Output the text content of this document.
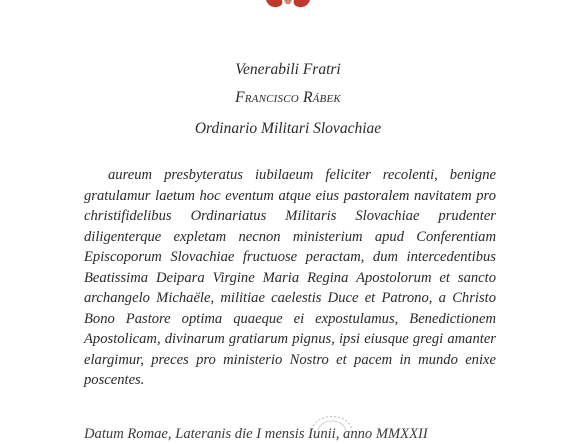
Venerabili Fratri
Francisco Rábek
Ordinario Militari Slovachiae

aureum presbyteratus iubilaeum feliciter recolenti, benigne gratulamur laetum hoc eventum atque eius pastoralem navitatem pro christifidelibus Ordinariatus Militaris Slovachiae prudenter diligenterque expletam necnon ministerium apud Conferentiam Episcoporum Slovachiae fructuose peractam, dum intercedentibus Beatissima Deipara Virgine Maria Regina Apostolorum et sancto archangelo Michaële, militiae caelestis Duce et Patrono, a Christo Bono Pastore optima quaeque ei expostulamus, Benedictionem Apostolicam, divinarum gratiarum pignus, ipsi eiusque gregi amanter elargimur, preces pro ministerio Nostro et pacem in mundo enixe poscentes.

Datum Romae, Lateranis die I mensis Iunii, anno MMXXII
